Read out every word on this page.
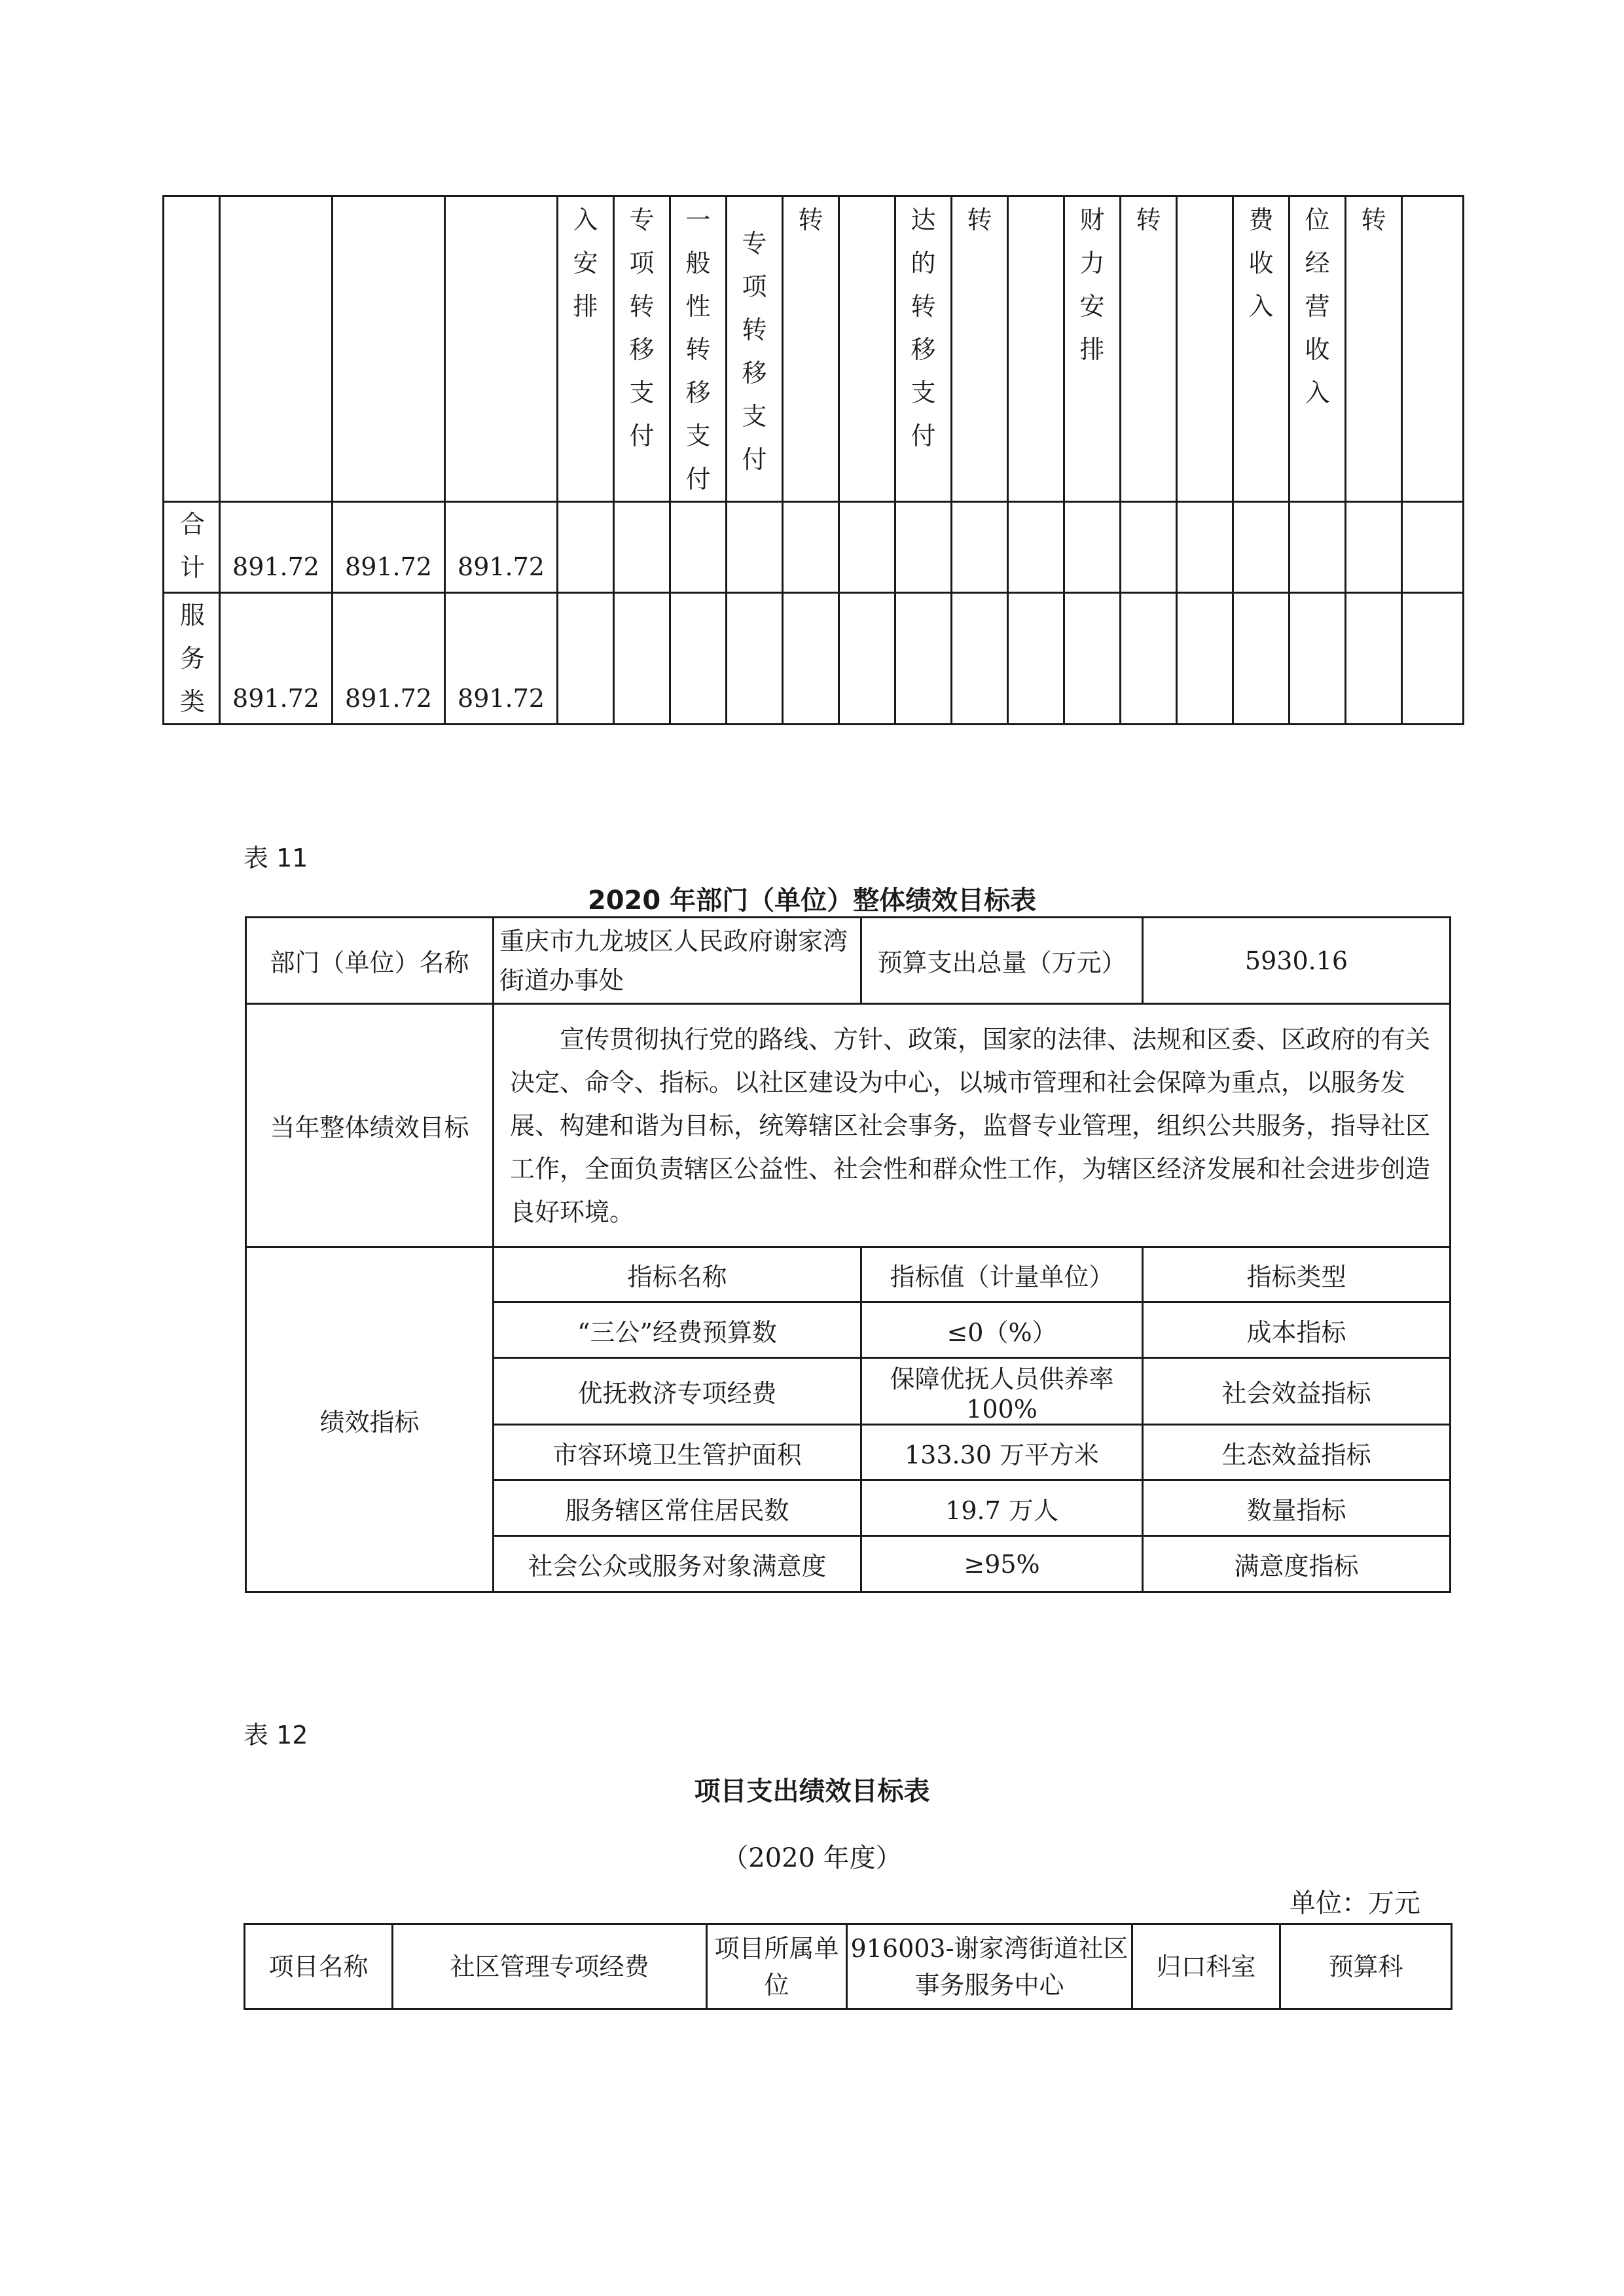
				入安排	专项转移支付	一般性转移支付	专项转移支付	转		达的转移支付	转		财力安排	转		费收入	位经营收入	转	

合计	891.72	891.72	891.72																

服务类	891.72	891.72	891.72																
表 11
2020 年部门（单位）整体绩效目标表
部门（单位）名称	重庆市九龙坡区人民政府谢家湾街道办事处	预算支出总量（万元）	5930.16
当年整体绩效目标	宣传贯彻执行党的路线、方针、政策，国家的法律、法规和区委、区政府的有关决定、命令、指标。以社区建设为中心，以城市管理和社会保障为重点，以服务发展、构建和谐为目标，统筹辖区社会事务，监督专业管理，组织公共服务，指导社区工作，全面负责辖区公益性、社会性和群众性工作，为辖区经济发展和社会进步创造良好环境。		
绩效指标	指标名称	指标值（计量单位）	指标类型
	“三公”经费预算数	≤0（%）	成本指标
	优抚救济专项经费	保障优抚人员供养率 100%	社会效益指标
	市容环境卫生管护面积	133.30 万平方米	生态效益指标
	服务辖区常住居民数	19.7 万人	数量指标
	社会公众或服务对象满意度	≥95%	满意度指标
表 12
项目支出绩效目标表
（2020 年度）
单位：万元
项目名称	社区管理专项经费	项目所属单位	916003-谢家湾街道社区事务服务中心	归口科室	预算科
